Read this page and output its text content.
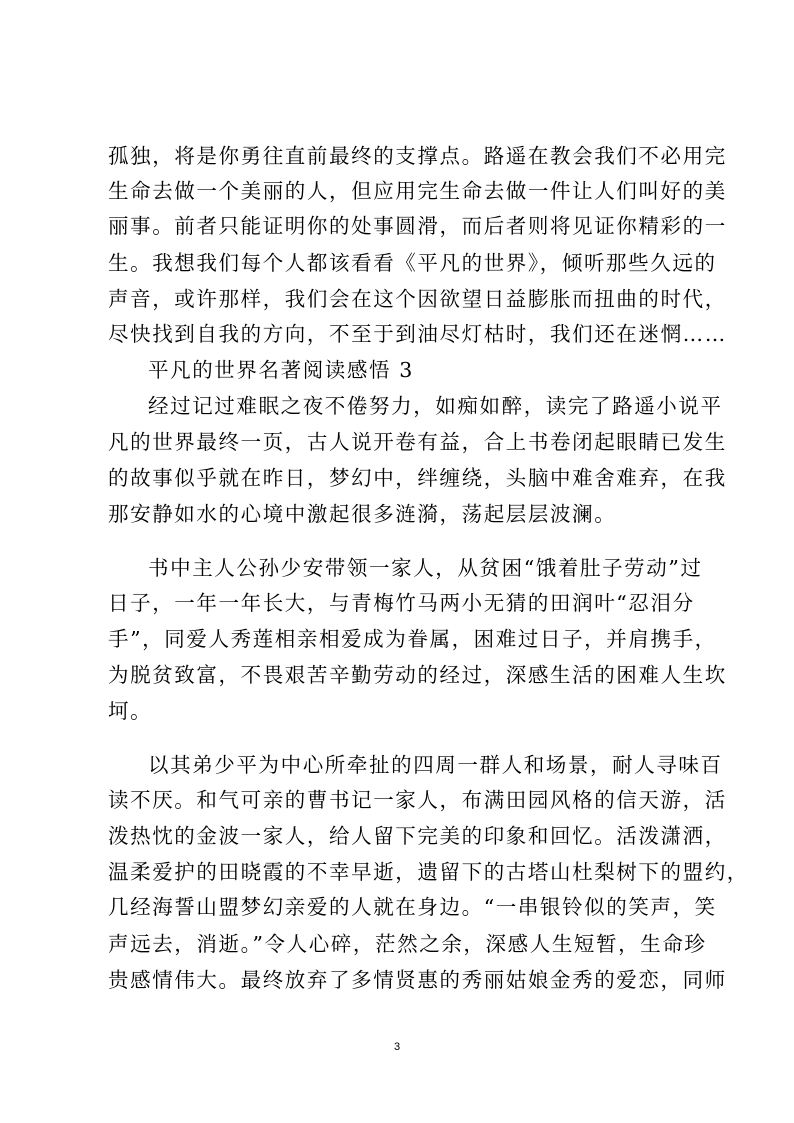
孤独，将是你勇往直前最终的支撑点。路遥在教会我们不必用完
生命去做一个美丽的人，但应用完生命去做一件让人们叫好的美
丽事。前者只能证明你的处事圆滑，而后者则将见证你精彩的一
生。我想我们每个人都该看看《平凡的世界》，倾听那些久远的
声音，或许那样，我们会在这个因欲望日益膨胀而扭曲的时代，
尽快找到自我的方向，不至于到油尽灯枯时，我们还在迷惘……
平凡的世界名著阅读感悟 3
经过记过难眠之夜不倦努力，如痴如醉，读完了路遥小说平
凡的世界最终一页，古人说开卷有益，合上书卷闭起眼睛已发生
的故事似乎就在昨日，梦幻中，绊缠绕，头脑中难舍难弃，在我
那安静如水的心境中激起很多涟漪，荡起层层波澜。
书中主人公孙少安带领一家人，从贫困“饿着肚子劳动”过
日子，一年一年长大，与青梅竹马两小无猜的田润叶“忍泪分
手”，同爱人秀莲相亲相爱成为眷属，困难过日子，并肩携手，
为脱贫致富，不畏艰苦辛勤劳动的经过，深感生活的困难人生坎
坷。
以其弟少平为中心所牵扯的四周一群人和场景，耐人寻味百
读不厌。和气可亲的曹书记一家人，布满田园风格的信天游，活
泼热忱的金波一家人，给人留下完美的印象和回忆。活泼潇洒，
温柔爱护的田晓霞的不幸早逝，遗留下的古塔山杜梨树下的盟约，
几经海誓山盟梦幻亲爱的人就在身边。“一串银铃似的笑声，笑
声远去，消逝。”令人心碎，茫然之余，深感人生短暂，生命珍
贵感情伟大。最终放弃了多情贤惠的秀丽姑娘金秀的爱恋，同师
3
